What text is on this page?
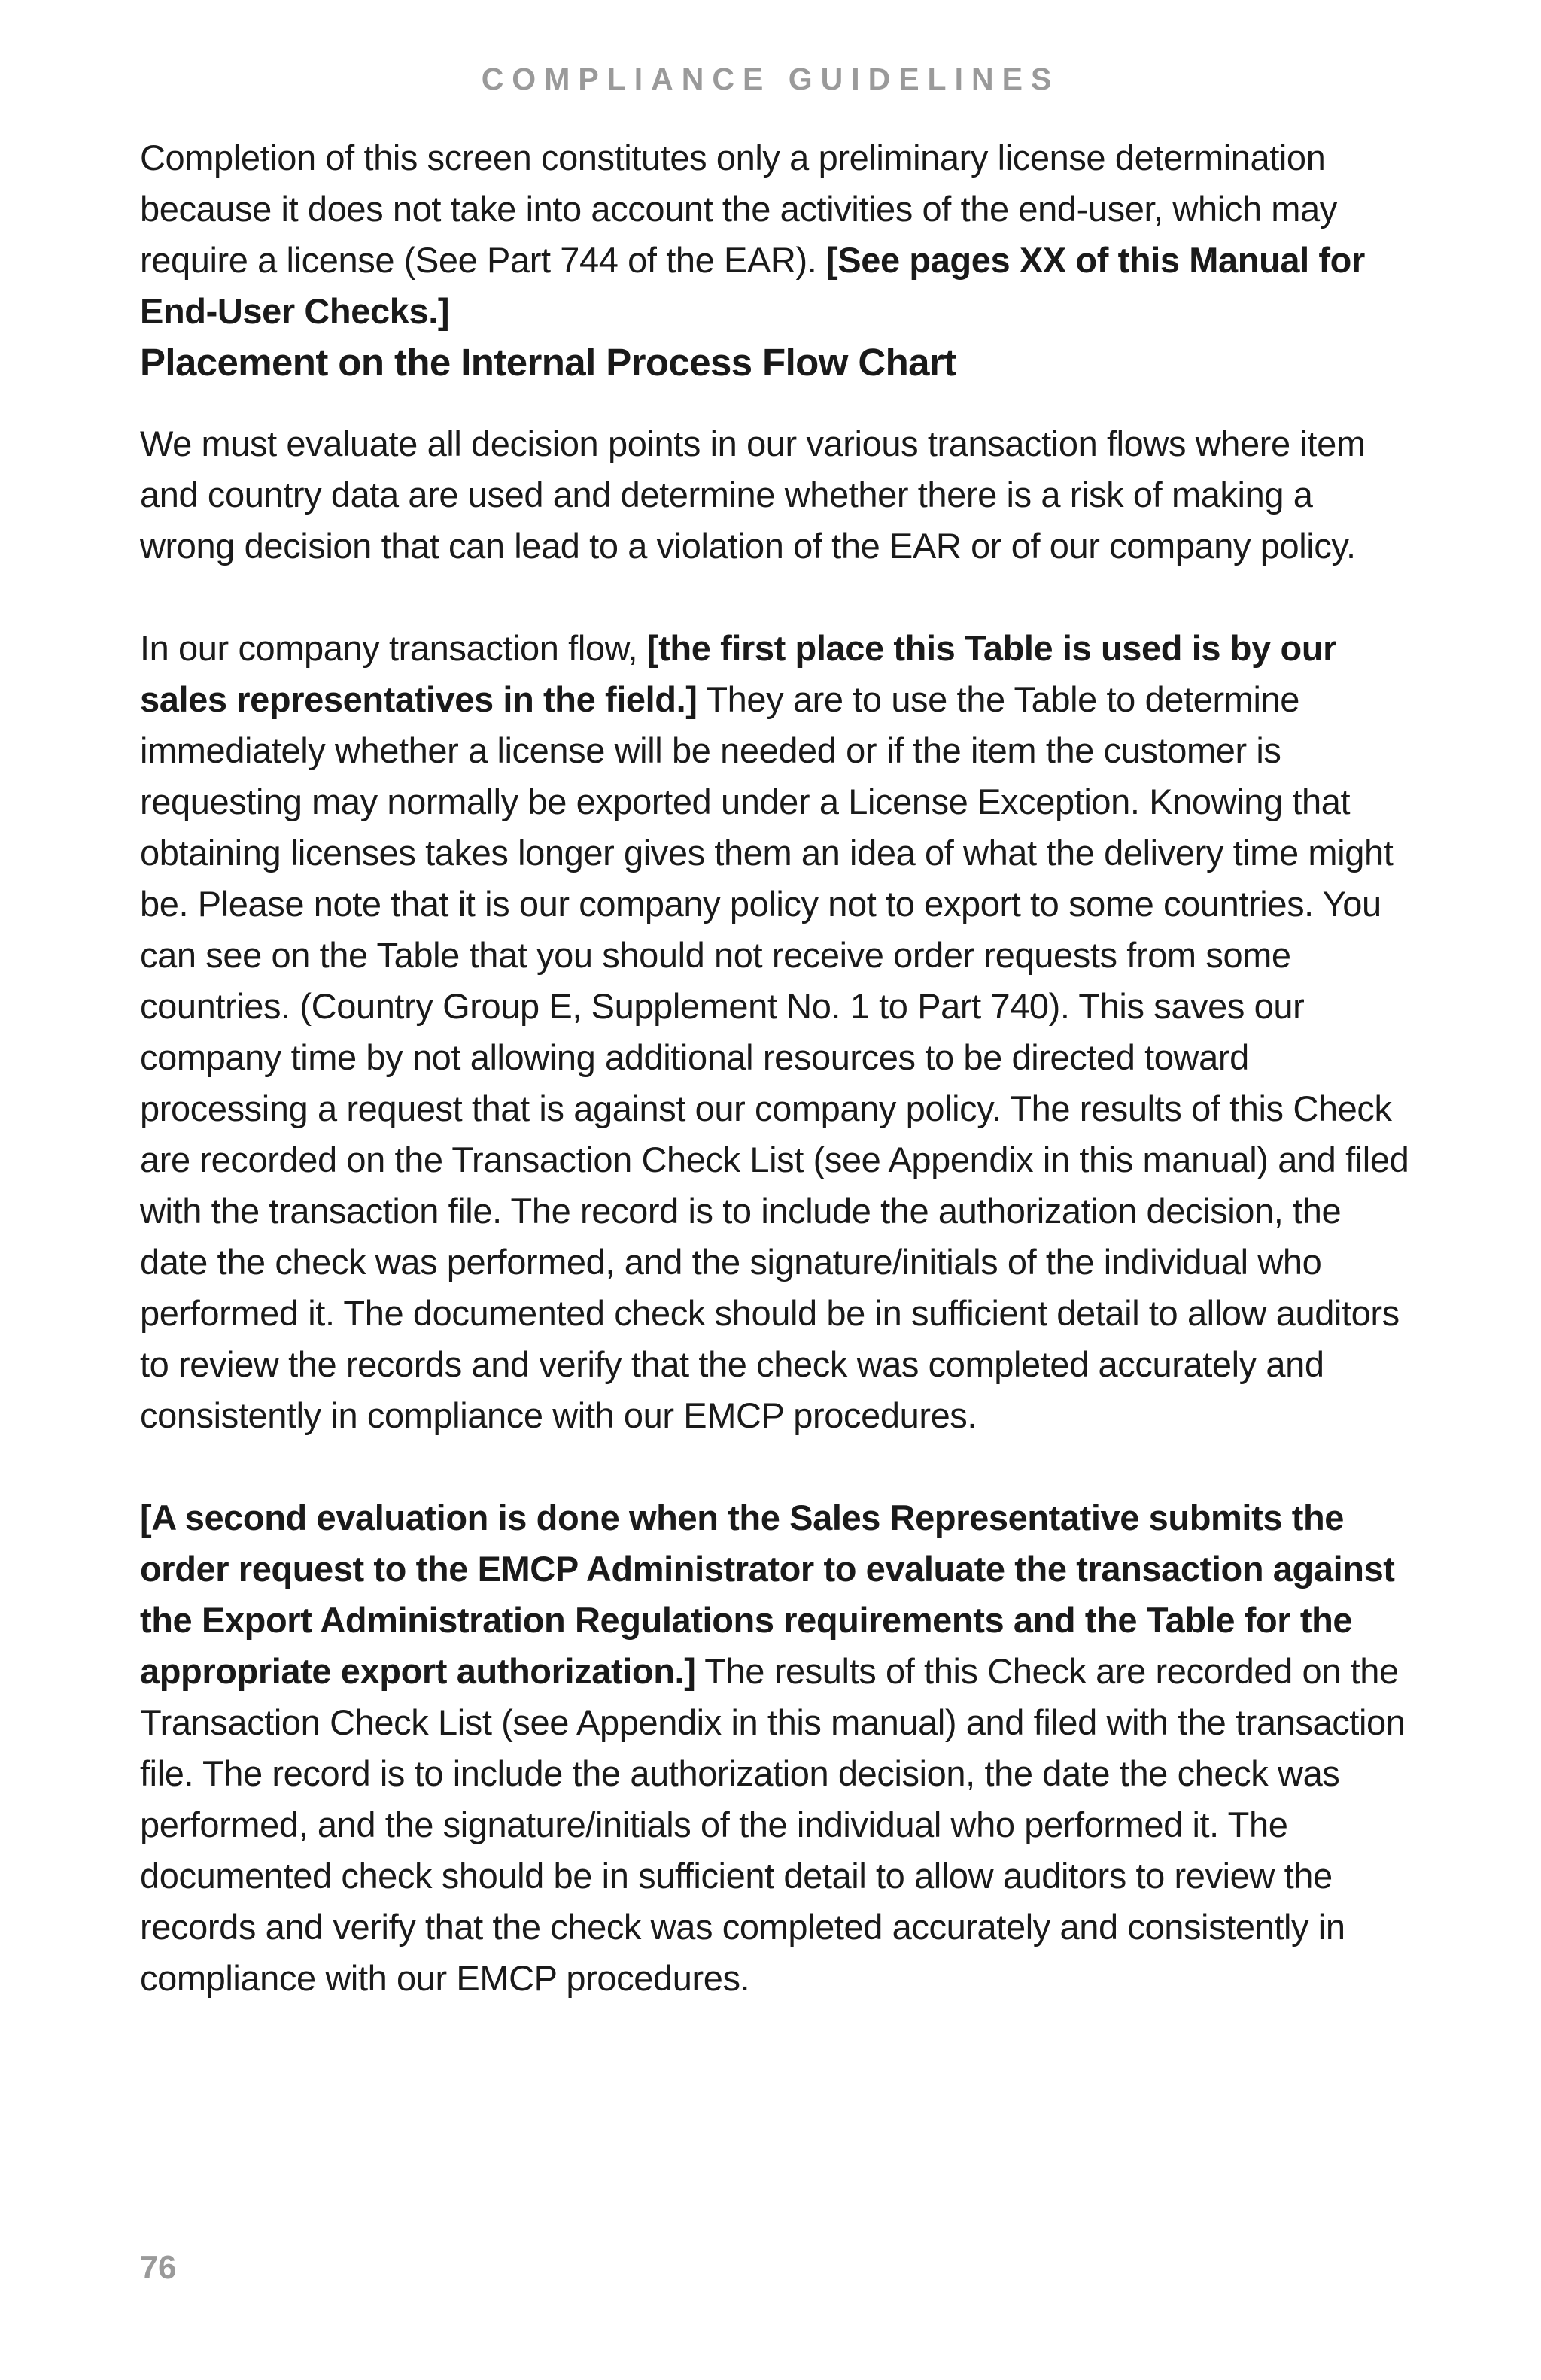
COMPLIANCE GUIDELINES

Completion of this screen constitutes only a preliminary license determination because it does not take into account the activities of the end-user, which may require a license (See Part 744 of the EAR). [See pages XX of this Manual for End-User Checks.]

Placement on the Internal Process Flow Chart

We must evaluate all decision points in our various transaction flows where item and country data are used and determine whether there is a risk of making a wrong decision that can lead to a violation of the EAR or of our company policy.

In our company transaction flow, [the first place this Table is used is by our sales representatives in the field.] They are to use the Table to determine immediately whether a license will be needed or if the item the customer is requesting may normally be exported under a License Exception. Knowing that obtaining licenses takes longer gives them an idea of what the delivery time might be. Please note that it is our company policy not to export to some countries. You can see on the Table that you should not receive order requests from some countries. (Country Group E, Supplement No. 1 to Part 740). This saves our company time by not allowing additional resources to be directed toward processing a request that is against our company policy. The results of this Check are recorded on the Transaction Check List (see Appendix in this manual) and filed with the transaction file. The record is to include the authorization decision, the date the check was performed, and the signature/initials of the individual who performed it. The documented check should be in sufficient detail to allow auditors to review the records and verify that the check was completed accurately and consistently in compliance with our EMCP procedures.

[A second evaluation is done when the Sales Representative submits the order request to the EMCP Administrator to evaluate the transaction against the Export Administration Regulations requirements and the Table for the appropriate export authorization.] The results of this Check are recorded on the Transaction Check List (see Appendix in this manual) and filed with the transaction file. The record is to include the authorization decision, the date the check was performed, and the signature/initials of the individual who performed it. The documented check should be in sufficient detail to allow auditors to review the records and verify that the check was completed accurately and consistently in compliance with our EMCP procedures.

76
